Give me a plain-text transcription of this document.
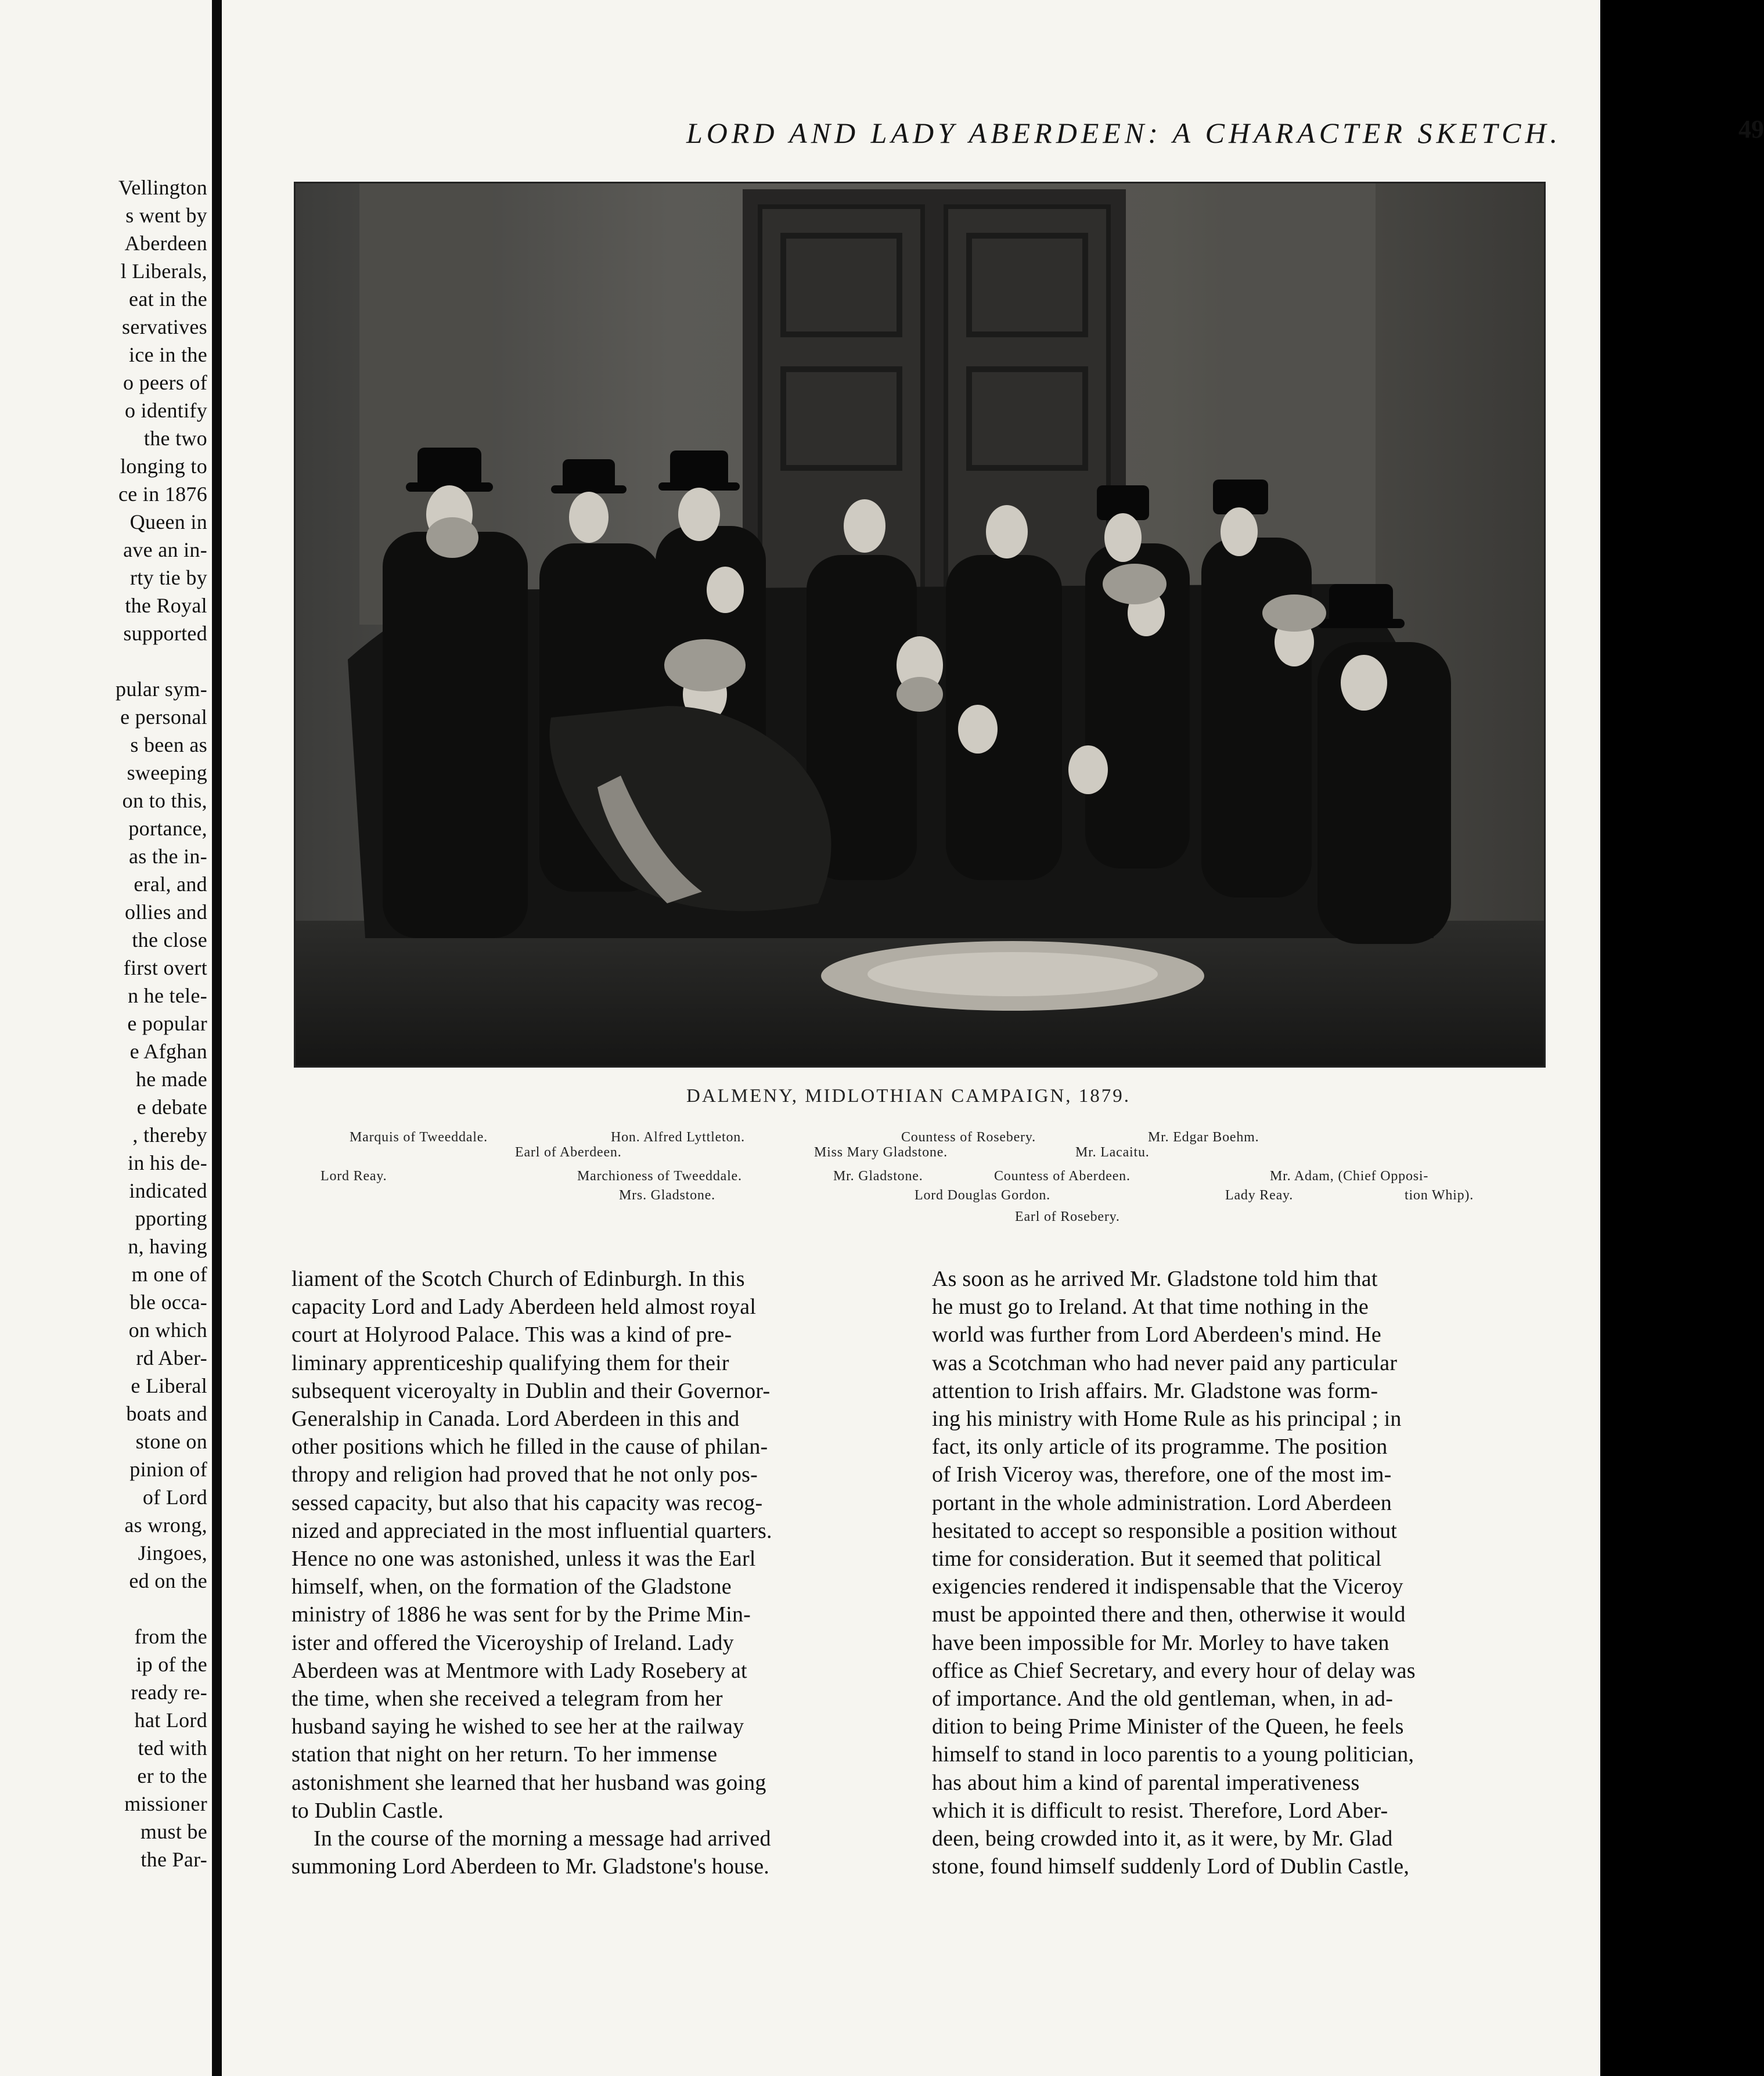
Vellington
s went by
Aberdeen
l Liberals,
eat in the
servatives
ice in the
o peers of
o identify
the two
longing to
ce in 1876
Queen in
ave an in-
rty tie by
the Royal
supported
pular sym-
e personal
s been as
sweeping
on to this,
portance,
as the in-
eral, and
ollies and
the close
first overt
n he tele-
e popular
e Afghan
he made
e debate
, thereby
in his de-
indicated
pporting
n, having
m one of
ble occa-
on which
rd Aber-
e Liberal
boats and
stone on
pinion of
of Lord
as wrong,
Jingoes,
ed on the
from the
ip of the
ready re-
hat Lord
ted with
er to the
missioner
must be
the Par-
LORD AND LADY ABERDEEN: A CHARACTER SKETCH.	49
DALMENY, MIDLOTHIAN CAMPAIGN, 1879.
Marquis of Tweeddale.	Hon. Alfred Lyttleton.	Countess of Rosebery.	Mr. Edgar Boehm.
Earl of Aberdeen.	Miss Mary Gladstone.	Mr. Lacaitu.
Lord Reay.	Marchioness of Tweeddale.	Mr. Gladstone.	Countess of Aberdeen.	Mr. Adam, (Chief Opposi-
Mrs. Gladstone.	Lord Douglas Gordon.	Lady Reay.	tion Whip).
Earl of Rosebery.
liament of the Scotch Church of Edinburgh. In this
capacity Lord and Lady Aberdeen held almost royal
court at Holyrood Palace. This was a kind of pre-
liminary apprenticeship qualifying them for their
subsequent viceroyalty in Dublin and their Governor-
Generalship in Canada. Lord Aberdeen in this and
other positions which he filled in the cause of philan-
thropy and religion had proved that he not only pos-
sessed capacity, but also that his capacity was recog-
nized and appreciated in the most influential quarters.
Hence no one was astonished, unless it was the Earl
himself, when, on the formation of the Gladstone
ministry of 1886 he was sent for by the Prime Min-
ister and offered the Viceroyship of Ireland. Lady
Aberdeen was at Mentmore with Lady Rosebery at
the time, when she received a telegram from her
husband saying he wished to see her at the railway
station that night on her return. To her immense
astonishment she learned that her husband was going
to Dublin Castle.
In the course of the morning a message had arrived
summoning Lord Aberdeen to Mr. Gladstone's house.
As soon as he arrived Mr. Gladstone told him that
he must go to Ireland. At that time nothing in the
world was further from Lord Aberdeen's mind. He
was a Scotchman who had never paid any particular
attention to Irish affairs. Mr. Gladstone was form-
ing his ministry with Home Rule as his principal ; in
fact, its only article of its programme. The position
of Irish Viceroy was, therefore, one of the most im-
portant in the whole administration. Lord Aberdeen
hesitated to accept so responsible a position without
time for consideration. But it seemed that political
exigencies rendered it indispensable that the Viceroy
must be appointed there and then, otherwise it would
have been impossible for Mr. Morley to have taken
office as Chief Secretary, and every hour of delay was
of importance. And the old gentleman, when, in ad-
dition to being Prime Minister of the Queen, he feels
himself to stand in loco parentis to a young politician,
has about him a kind of parental imperativeness
which it is difficult to resist. Therefore, Lord Aber-
deen, being crowded into it, as it were, by Mr. Glad
stone, found himself suddenly Lord of Dublin Castle,
